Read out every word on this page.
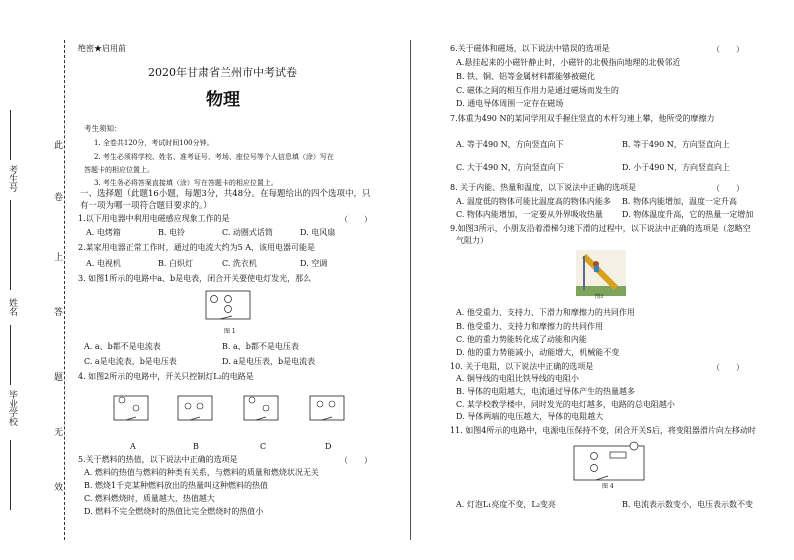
此
卷
上
答
题
无
效
考生号
姓名
毕业学校
绝密★启用前
2020年甘肃省兰州市中考试卷
物理
考生须知：
1. 全卷共120分，考试时间100分钟。
2. 考生必须将学校、姓名、准考证号、考场、座位号等个人信息填（涂）写在
答题卡的相应位置上。
3. 考生务必将答案直接填（涂）写在答题卡的相应位置上。
一、选择题（此题16小题，每题3分，共48分。在每题给出的四个选项中，只
有一项为哪一项符合题目要求的。）
1.以下用电器中利用电磁感应现象工作的是	（　　）
A. 电烤箱	B. 电铃	C. 动圈式话筒	D. 电风扇
2.某家用电器正常工作时，通过的电流大约为5 A，该用电器可能是
A. 电视机	B. 白炽灯	C. 洗衣机	D. 空调
3. 如图1所示的电路中a、b是电表，闭合开关要使电灯发光，那么
图 1
A. a、b都不是电流表	B. a、b都不是电压表
C. a是电流表，b是电压表	D. a是电压表，b是电流表
4. 如图2所示的电路中，开关只控制灯L₂的电路是
A	B	C	D
5.关于燃料的热值，以下说法中正确的选项是	（　　）
A. 燃料的热值与燃料的种类有关系，与燃料的质量和燃烧状况无关
B. 燃烧1千克某种燃料放出的热量叫这种燃料的热值
C. 燃料燃烧时，质量越大，热值越大
D. 燃料不完全燃烧时的热值比完全燃烧时的热值小
6.关于磁体和磁场，以下说法中错误的选项是	（　　）
A.悬挂起来的小磁针静止时，小磁针的北极指向地理的北极邻近
B. 铁、铜、铝等金属材料都能够被磁化
C. 磁体之间的相互作用力是通过磁场而发生的
D. 通电导体周围一定存在磁场
7.体重为490 N的某同学用双手握住竖直的木杆匀速上攀，他所受的摩擦力
A. 等于490 N，方向竖直向下	B. 等于490 N，方向竖直向上
C. 大于490 N，方向竖直向下	D. 小于490 N，方向竖直向上
8. 关于内能、热量和温度，以下说法中正确的选项是	（　　）
A. 温度低的物体可能比温度高的物体内能多 B. 物体内能增加，温度一定升高
C. 物体内能增加，一定要从外界吸收热量 D. 物体温度升高，它的热量一定增加
9.如图3所示，小朋友沿着滑梯匀速下滑的过程中，以下说法中正确的选项是（忽略空
气阻力）
图3
A. 他受重力、支持力、下滑力和摩擦力的共同作用
B. 他受重力、支持力和摩擦力的共同作用
C. 他的重力势能转化成了动能和内能
D. 他的重力势能减小，动能增大，机械能不变
10. 关于电阻，以下说法中正确的选项是	（　　）
A. 铜导线的电阻比铁导线的电阻小
B. 导体的电阻越大，电流通过导体产生的热量越多
C. 某学校教学楼中，同时发光的电灯越多，电路的总电阻越小
D. 导体两端的电压越大，导体的电阻越大
11. 如图4所示的电路中，电源电压保持不变，闭合开关S后，将变阻器滑片向左移动时
图 4
A. 灯泡L₁亮度不变，L₂变亮	B. 电流表示数变小，电压表示数不变
